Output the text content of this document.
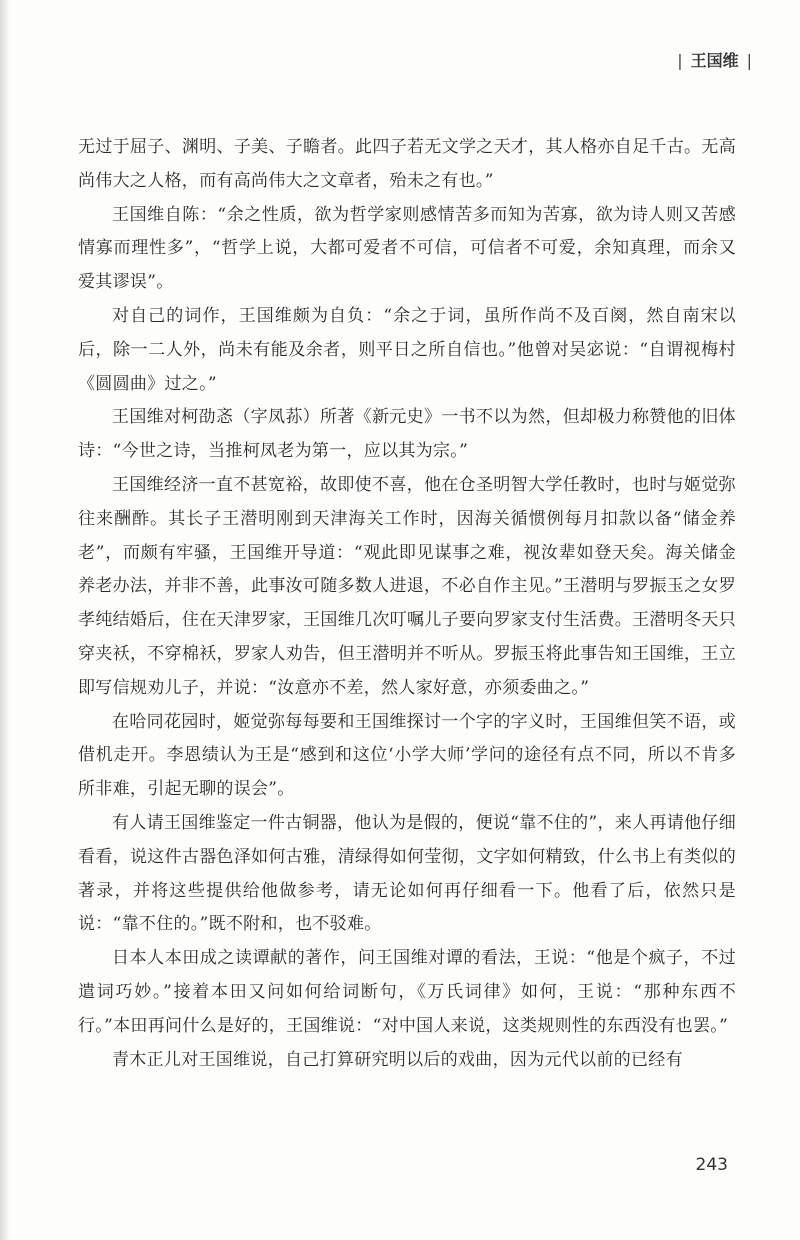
| 王国维 |

无过于屈子、渊明、子美、子瞻者。此四子若无文学之天才，其人格亦自足千古。无高尚伟大之人格，而有高尚伟大之文章者，殆未之有也。”

王国维自陈：“余之性质，欲为哲学家则感情苦多而知为苦寡，欲为诗人则又苦感情寡而理性多”，“哲学上说，大都可爱者不可信，可信者不可爱，余知真理，而余又爱其谬误”。

对自己的词作，王国维颇为自负：“余之于词，虽所作尚不及百阕，然自南宋以后，除一二人外，尚未有能及余者，则平日之所自信也。”他曾对吴宓说：“自谓视梅村《圆圆曲》过之。”

王国维对柯劭忞（字凤荪）所著《新元史》一书不以为然，但却极力称赞他的旧体诗：“今世之诗，当推柯凤老为第一，应以其为宗。”

王国维经济一直不甚宽裕，故即使不喜，他在仓圣明智大学任教时，也时与姬觉弥往来酬酢。其长子王潜明刚到天津海关工作时，因海关循惯例每月扣款以备“储金养老”，而颇有牢骚，王国维开导道：“观此即见谋事之难，视汝辈如登天矣。海关储金养老办法，并非不善，此事汝可随多数人进退，不必自作主见。”王潜明与罗振玉之女罗孝纯结婚后，住在天津罗家，王国维几次叮嘱儿子要向罗家支付生活费。王潜明冬天只穿夹袄，不穿棉袄，罗家人劝告，但王潜明并不听从。罗振玉将此事告知王国维，王立即写信规劝儿子，并说：“汝意亦不差，然人家好意，亦须委曲之。”

在哈同花园时，姬觉弥每每要和王国维探讨一个字的字义时，王国维但笑不语，或借机走开。李恩绩认为王是“感到和这位‘小学大师’学问的途径有点不同，所以不肯多所非难，引起无聊的误会”。

有人请王国维鉴定一件古铜器，他认为是假的，便说“靠不住的”，来人再请他仔细看看，说这件古器色泽如何古雅，清绿得如何莹彻，文字如何精致，什么书上有类似的著录，并将这些提供给他做参考，请无论如何再仔细看一下。他看了后，依然只是说：“靠不住的。”既不附和，也不驳难。

日本人本田成之读谭献的著作，问王国维对谭的看法，王说：“他是个疯子，不过遣词巧妙。”接着本田又问如何给词断句，《万氏词律》如何，王说：“那种东西不行。”本田再问什么是好的，王国维说：“对中国人来说，这类规则性的东西没有也罢。”

青木正儿对王国维说，自己打算研究明以后的戏曲，因为元代以前的已经有

243
